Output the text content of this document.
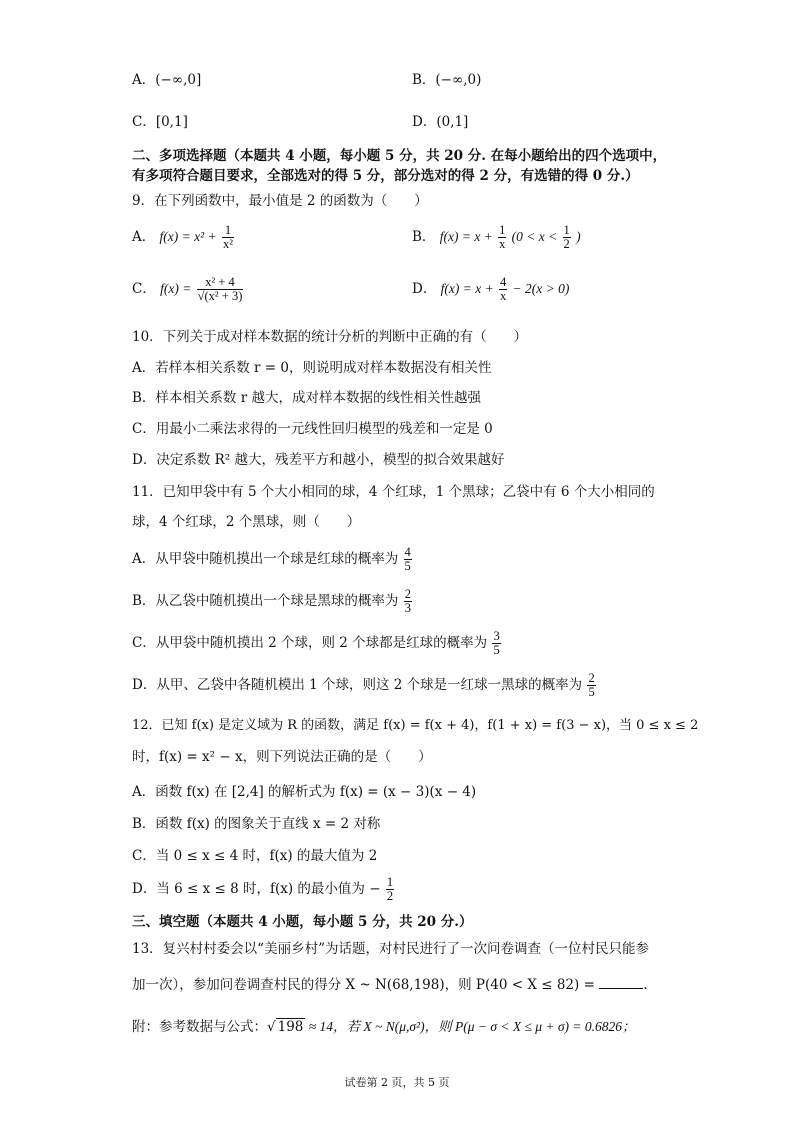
A．(−∞,0]	B．(−∞,0)
C．[0,1]	D．(0,1]
二、多项选择题（本题共 4 小题，每小题 5 分，共 20 分. 在每小题给出的四个选项中，
有多项符合题目要求，全部选对的得 5 分，部分选对的得 2 分，有选错的得 0 分.）
9．在下列函数中，最小值是 2 的函数为（　　）
A． $f(x) = x^2 + \frac{1}{\text{x²}}$	B． $f(x) = x + \frac{1}{x} (0 < x < \frac{1}{2}$ )
C． $f(x) = \frac{\text{x² + 4}}{\text{√(x² + 3)}}$	D． $f(x) = x + \frac{4}{x} - 2(x > 0)$
10．下列关于成对样本数据的统计分析的判断中正确的有（　　）
A．若样本相关系数 r = 0，则说明成对样本数据没有相关性
B．样本相关系数 r 越大，成对样本数据的线性相关性越强
C．用最小二乘法求得的一元线性回归模型的残差和一定是 0
D．决定系数 R² 越大，残差平方和越小，模型的拟合效果越好
11．已知甲袋中有 5 个大小相同的球，4 个红球，1 个黑球；乙袋中有 6 个大小相同的
球，4 个红球，2 个黑球，则（　　）
A．从甲袋中随机摸出一个球是红球的概率为 $\frac{4}{5}$
B．从乙袋中随机摸出一个球是黑球的概率为 $\frac{2}{3}$
C．从甲袋中随机摸出 2 个球，则 2 个球都是红球的概率为 $\frac{3}{5}$
D．从甲、乙袋中各随机模出 1 个球，则这 2 个球是一红球一黑球的概率为 $\frac{2}{5}$
12．已知 f(x) 是定义域为 R 的函数，满足 f(x) = f(x + 4)，f(1 + x) = f(3 − x)，当 0 ≤ x ≤ 2
时，f(x) = x² − x，则下列说法正确的是（　　）
A．函数 f(x) 在 [2,4] 的解析式为 f(x) = (x − 3)(x − 4)
B．函数 f(x) 的图象关于直线 x = 2 对称
C．当 0 ≤ x ≤ 4 时，f(x) 的最大值为 2
D．当 6 ≤ x ≤ 8 时，f(x) 的最小值为 − $\frac{1}{2}$
三、填空题（本题共 4 小题，每小题 5 分，共 20 分.）
13．复兴村村委会以“美丽乡村”为话题，对村民进行了一次问卷调查（一位村民只能参
加一次），参加问卷调查村民的得分 X ~ N(68,198)，则 P(40 < X ≤ 82) =	.
附：参考数据与公式：√ 198 ≈ 14，若 X ~ N(μ,σ²)，则 P(μ − σ < X ≤ μ + σ) = 0.6826；
试卷第 2 页，共 5 页
